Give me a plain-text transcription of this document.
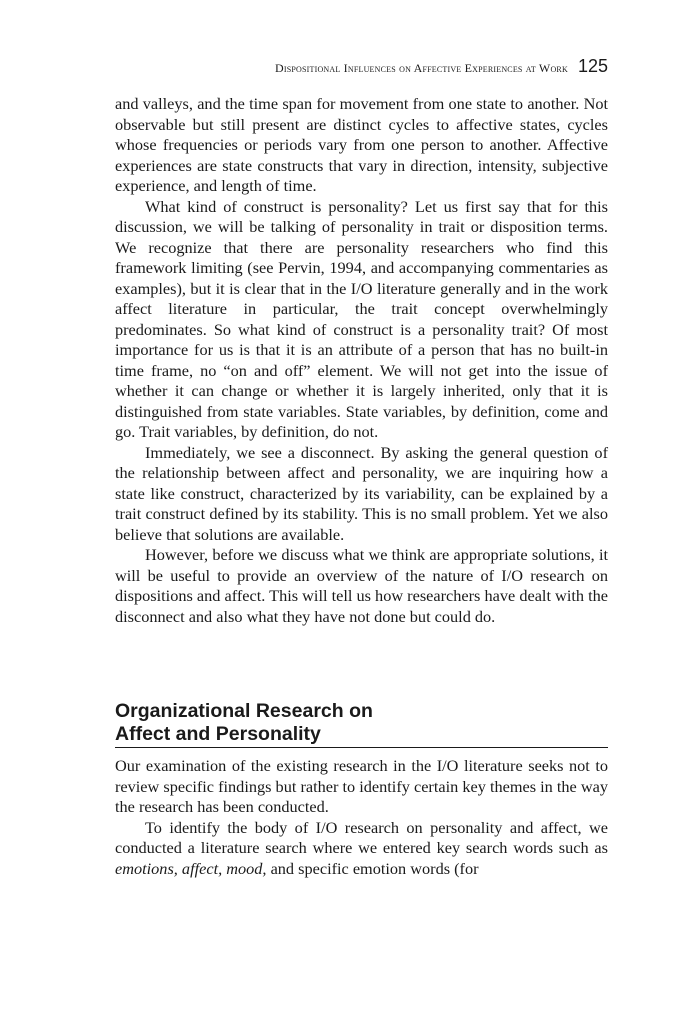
Dispositional Influences on Affective Experiences at Work 125

and valleys, and the time span for movement from one state to another. Not observable but still present are distinct cycles to affective states, cycles whose frequencies or periods vary from one person to another. Affective experiences are state constructs that vary in direction, intensity, subjective experience, and length of time.

What kind of construct is personality? Let us first say that for this discussion, we will be talking of personality in trait or disposition terms. We recognize that there are personality researchers who find this framework limiting (see Pervin, 1994, and accompanying commentaries as examples), but it is clear that in the I/O literature generally and in the work affect literature in particular, the trait concept overwhelmingly predominates. So what kind of construct is a personality trait? Of most importance for us is that it is an attribute of a person that has no built-in time frame, no “on and off” element. We will not get into the issue of whether it can change or whether it is largely inherited, only that it is distinguished from state variables. State variables, by definition, come and go. Trait variables, by definition, do not.

Immediately, we see a disconnect. By asking the general question of the relationship between affect and personality, we are inquiring how a state like construct, characterized by its variability, can be explained by a trait construct defined by its stability. This is no small problem. Yet we also believe that solutions are available.

However, before we discuss what we think are appropriate solutions, it will be useful to provide an overview of the nature of I/O research on dispositions and affect. This will tell us how researchers have dealt with the disconnect and also what they have not done but could do.

Organizational Research on
Affect and Personality

Our examination of the existing research in the I/O literature seeks not to review specific findings but rather to identify certain key themes in the way the research has been conducted.

To identify the body of I/O research on personality and affect, we conducted a literature search where we entered key search words such as emotions, affect, mood, and specific emotion words (for
